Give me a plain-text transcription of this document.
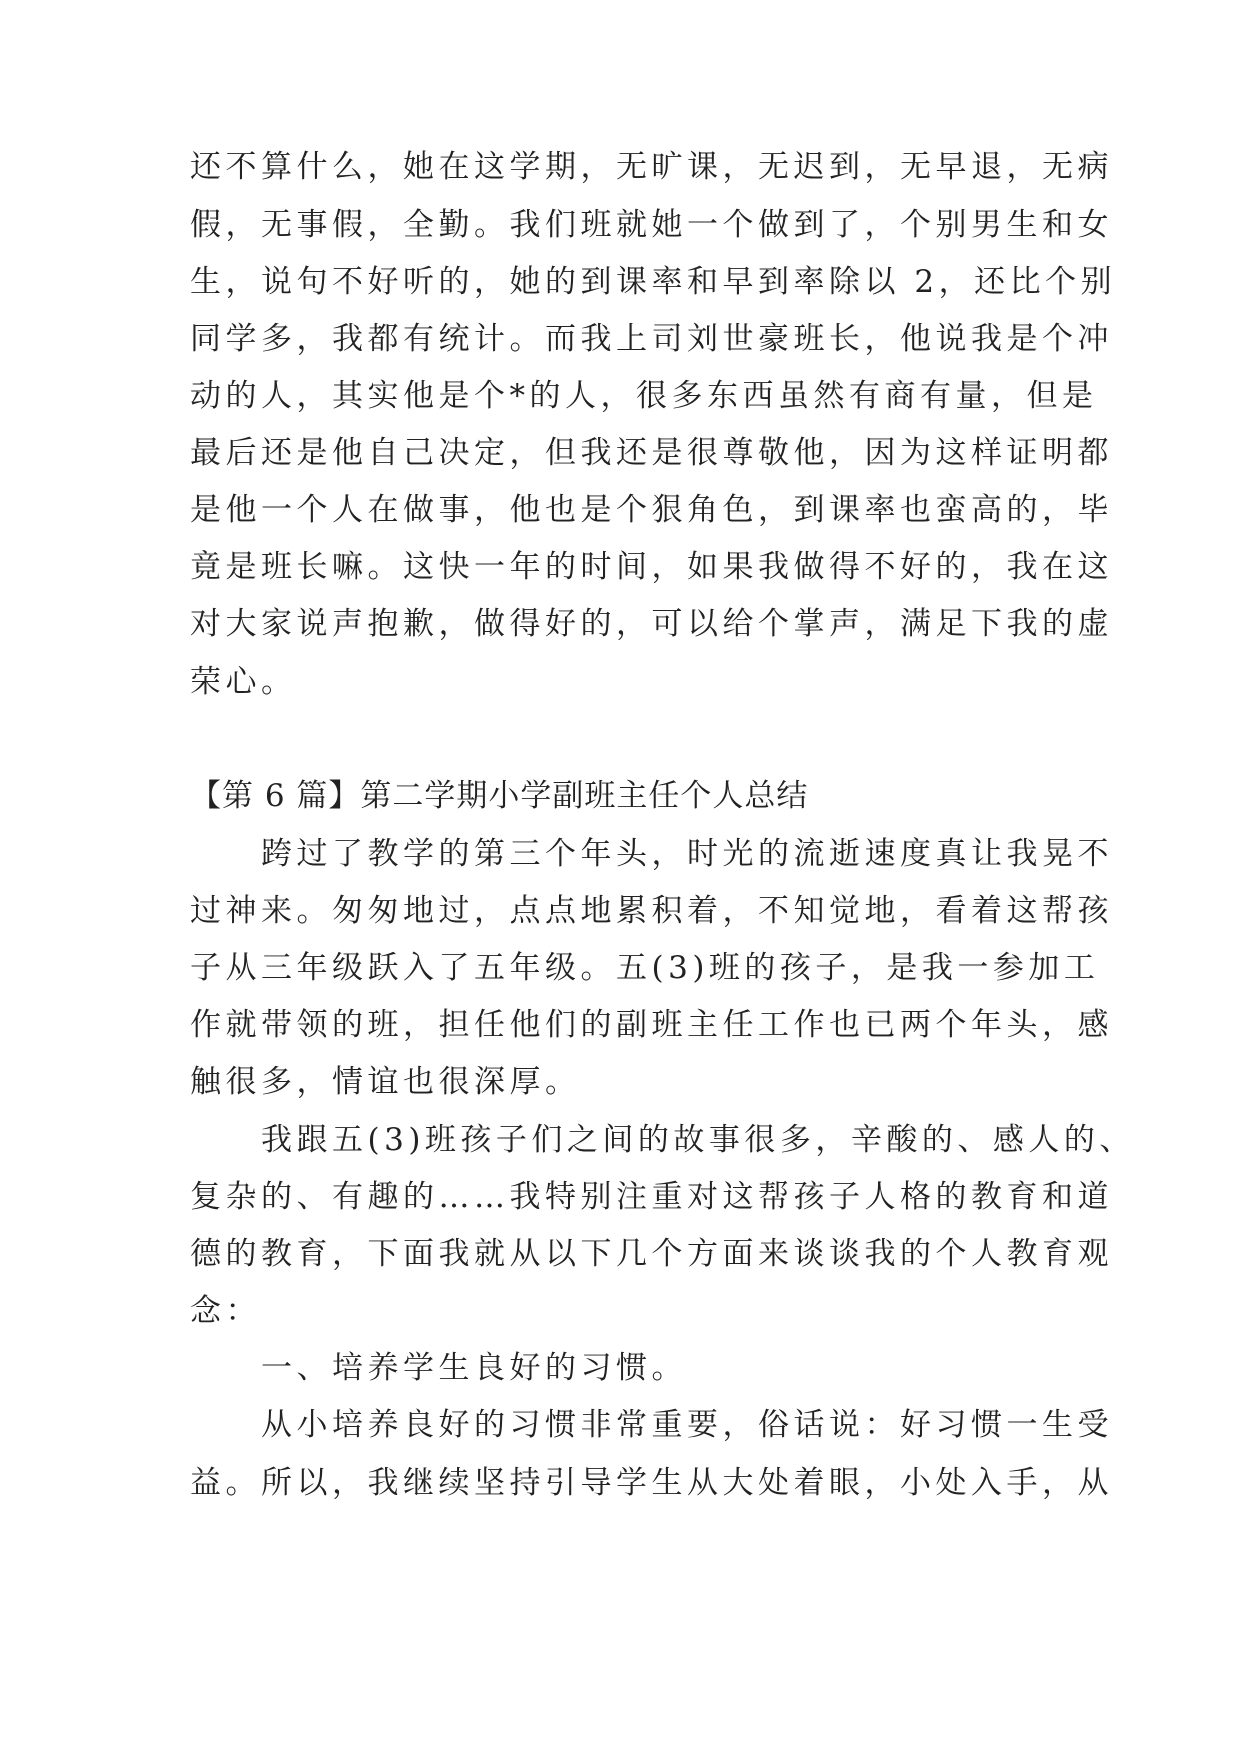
还不算什么，她在这学期，无旷课，无迟到，无早退，无病
假，无事假，全勤。我们班就她一个做到了，个别男生和女
生，说句不好听的，她的到课率和早到率除以 2，还比个别
同学多，我都有统计。而我上司刘世豪班长，他说我是个冲
动的人，其实他是个*的人，很多东西虽然有商有量，但是
最后还是他自己决定，但我还是很尊敬他，因为这样证明都
是他一个人在做事，他也是个狠角色，到课率也蛮高的，毕
竟是班长嘛。这快一年的时间，如果我做得不好的，我在这
对大家说声抱歉，做得好的，可以给个掌声，满足下我的虚
荣心。
【第 6 篇】第二学期小学副班主任个人总结
　　跨过了教学的第三个年头，时光的流逝速度真让我晃不
过神来。匆匆地过，点点地累积着，不知觉地，看着这帮孩
子从三年级跃入了五年级。五(3)班的孩子，是我一参加工
作就带领的班，担任他们的副班主任工作也已两个年头，感
触很多，情谊也很深厚。
　　我跟五(3)班孩子们之间的故事很多，辛酸的、感人的、
复杂的、有趣的……我特别注重对这帮孩子人格的教育和道
德的教育，下面我就从以下几个方面来谈谈我的个人教育观
念：
　　一、培养学生良好的习惯。
　　从小培养良好的习惯非常重要，俗话说：好习惯一生受
益。所以，我继续坚持引导学生从大处着眼，小处入手，从
